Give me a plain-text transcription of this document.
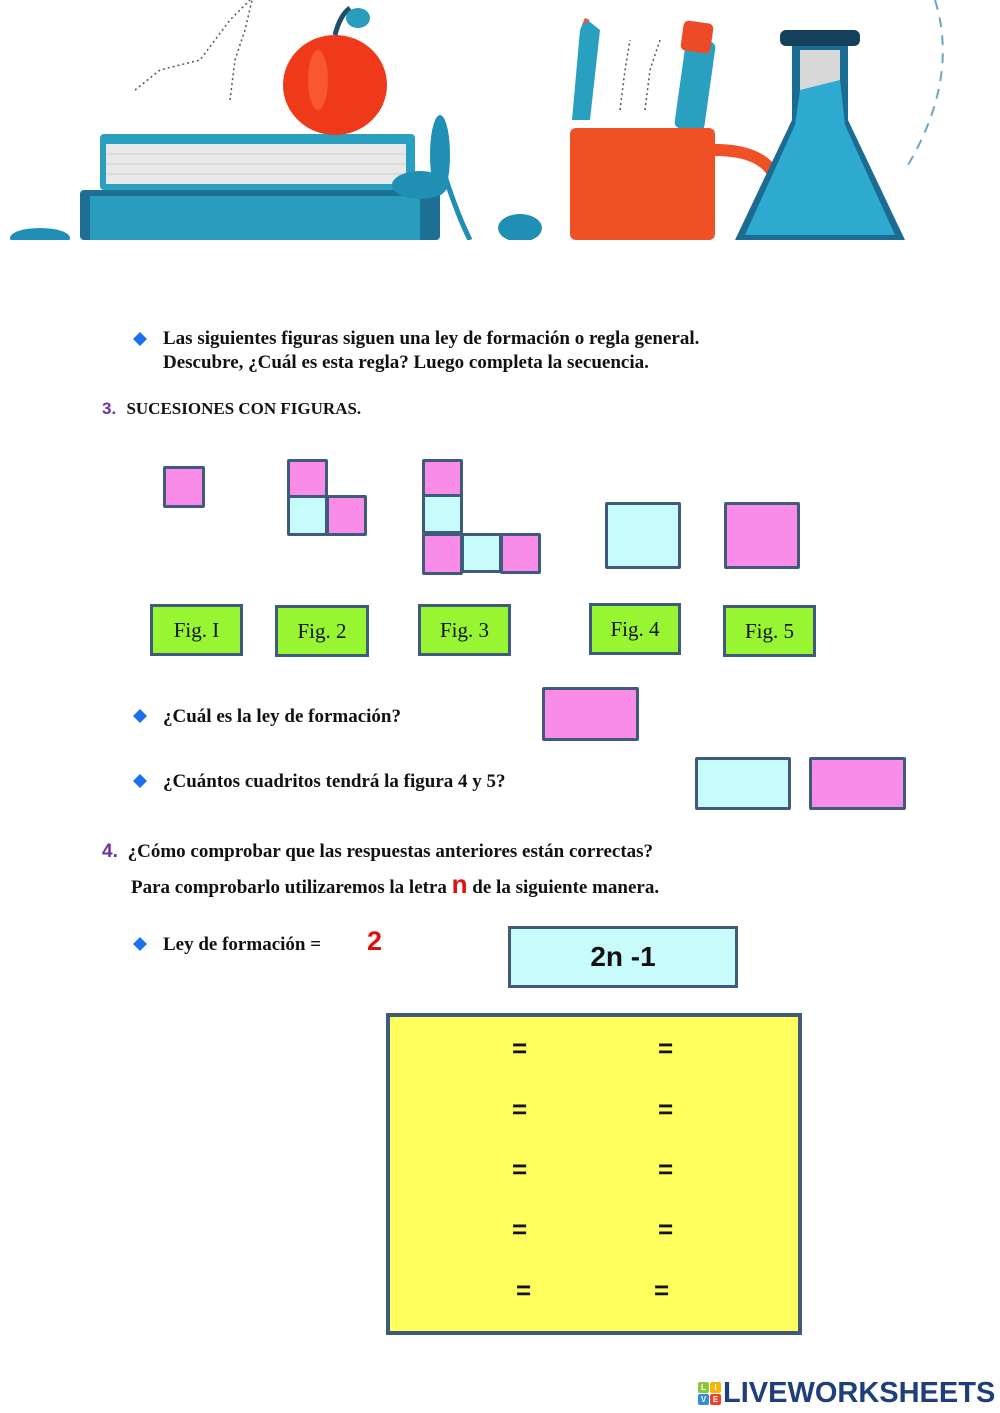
Las siguientes figuras siguen una ley de formación o regla general.
Descubre, ¿Cuál es esta regla? Luego completa la secuencia.
3. SUCESIONES CON FIGURAS.
Fig. I	Fig. 2	Fig. 3	Fig. 4	Fig. 5
¿Cuál es la ley de formación?
¿Cuántos cuadritos tendrá la figura 4 y 5?
4. ¿Cómo comprobar que las respuestas anteriores están correctas?
Para comprobarlo utilizaremos la letra n de la siguiente manera.
Ley de formación = 2	2n -1
=	=
=	=
=	=
=	=
=	=
L	I
V E LIVEWORKSHEETS
